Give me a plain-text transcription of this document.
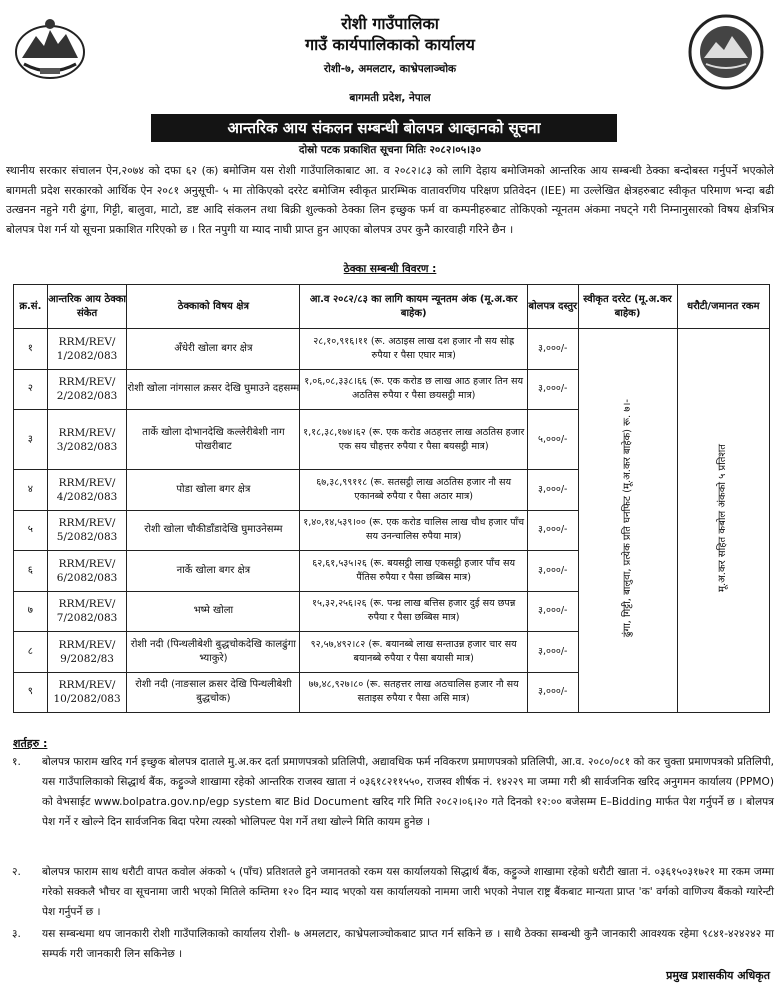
रोशी गाउँपालिका
गाउँ कार्यपालिकाको कार्यालय
रोशी-७, अमलटार, काभ्रेपलाञ्चोक
बागमती प्रदेश, नेपाल
आन्तरिक आय संकलन सम्बन्धी बोलपत्र आव्हानको सूचना
दोस्रो पटक प्रकाशित सूचना मितिः २०८२।०५।३०

स्थानीय सरकार संचालन ऐन,२०७४ को दफा ६२ (क) बमोजिम यस रोशी गाउँपालिकाबाट आ. व २०८२।८३ को लागि देहाय बमोजिमको आन्तरिक आय सम्बन्धी ठेक्का बन्दोबस्त गर्नुपर्ने भएकोले बागमती प्रदेश सरकारको आर्थिक ऐन २०८१ अनुसूची- ५ मा तोकिएको दररेट बमोजिम स्वीकृत प्रारम्भिक वातावरणिय परिक्षण प्रतिवेदन (IEE) मा उल्लेखित क्षेत्रहरुबाट स्वीकृत परिमाण भन्दा बढी उत्खनन नहुने गरी ढुंगा, गिट्टी, बालुवा, माटो, डष्ट आदि संकलन तथा बिक्री शुल्कको ठेक्का लिन इच्छुक फर्म वा कम्पनीहरुबाट तोकिएको न्यूनतम अंकमा नघट्ने गरी निम्नानुसारको विषय क्षेत्रभित्र बोलपत्र पेश गर्न यो सूचना प्रकाशित गरिएको छ । रित नपुगी या म्याद नाघी प्राप्त हुन आएका बोलपत्र उपर कुनै कारवाही गरिने छैन ।

ठेक्का सम्बन्धी विवरण :
क्र.सं.	आन्तरिक आय ठेक्का संकेत	ठेक्काको विषय क्षेत्र	आ.व २०८२/८३ का लागि कायम न्यूनतम अंक (मू.अ.कर बाहेक)	बोलपत्र दस्तुर	स्वीकृत दररेट (मू.अ.कर बाहेक)	धरौटी/जमानत रकम
१	RRM/REV/ 1/2082/083	अँधेरी खोला बगर क्षेत्र	२८,१०,९१६।११ (रू. अठाइस लाख दश हजार नौ सय सोह्र रुपैया र पैसा एघार मात्र)	३,०००/-	ढुंगा, गिट्टी, बालुवा, प्रत्येक प्रति घनफिट (मू.अ.कर बाहेक) रू. ७।-	मू.अ.कर सहित कबोल अंकको ५ प्रतिशत
२	RRM/REV/ 2/2082/083	रोशी खोला नांगसाल क्रसर देखि घुमाउने दहसम्म	१,०६,०८,३३८।६६ (रू. एक करोड छ लाख आठ हजार तिन सय अठतिस रुपैया र पैसा छयसट्ठी मात्र)	३,०००/-		
३	RRM/REV/ 3/2082/083	तार्के खोला दोभानदेखि कल्लेरीबेशी नाग पोखरीबाट	१,१८,३८,१७४।६२ (रू. एक करोड अठहत्तर लाख अठतिस हजार एक सय चौहत्तर रुपैया र पैसा बयसट्ठी मात्र)	५,०००/-		
४	RRM/REV/ 4/2082/083	पोडा खोला बगर क्षेत्र	६७,३८,९९११८ (रू. सतसट्ठी लाख अठतिस हजार नौ सय एकानब्बे रुपैया र पैसा अठार मात्र)	३,०००/-		
५	RRM/REV/ 5/2082/083	रोशी खोला चौकीडाँडादेखि घुमाउनेसम्म	१,४०,१४,५३९।०० (रू. एक करोड चालिस लाख चौध हजार पाँच सय उनन्चालिस रुपैया मात्र)	३,०००/-		
६	RRM/REV/ 6/2082/083	नार्के खोला बगर क्षेत्र	६२,६१,५३५।२६ (रू. बयसट्ठी लाख एकसट्ठी हजार पाँच सय पैंतिस रुपैया र पैसा छब्बिस मात्र)	३,०००/-		
७	RRM/REV/ 7/2082/083	भष्मे खोला	१५,३२,२५६।२६ (रू. पन्ध्र लाख बत्तिस हजार दुई सय छपन्न रुपैया र पैसा छब्बिस मात्र)	३,०००/-		
८	RRM/REV/ 9/2082/83	रोशी नदी (पिन्थलीबेशी बुद्धचोकदेखि कालढुंगा भ्याकुरे)	९२,५७,४९२।८२ (रू. बयानब्बे लाख सन्ताउन्न हजार चार सय बयानब्बे रुपैया र पैसा बयासी मात्र)	३,०००/-		
९	RRM/REV/ 10/2082/083	रोशी नदी (नाङसाल क्रसर देखि पिन्थलीबेशी बुद्धचोक)	७७,४८,९२७।८० (रू. सतहत्तर लाख अठचालिस हजार नौ सय सताइस रुपैया र पैसा असि मात्र)	३,०००/-		
शर्तहरु :
१. बोलपत्र फाराम खरिद गर्न इच्छुक बोलपत्र दाताले मु.अ.कर दर्ता प्रमाणपत्रको प्रतिलिपी, अद्यावधिक फर्म नविकरण प्रमाणपत्रको प्रतिलिपी, आ.व. २०८०/०८१ को कर चुक्ता प्रमाणपत्रको प्रतिलिपी, यस गाउँपालिकाको सिद्धार्थ बैंक, कट्टुञ्जे शाखामा रहेको आन्तरिक राजस्व खाता नं ०३६१८२११५५०, राजस्व शीर्षक नं. १४२२९ मा जम्मा गरी श्री सार्वजनिक खरिद अनुगमन कार्यालय (PPMO) को वेभसाईट www.bolpatra.gov.np/egp system बाट Bid Document खरिद गरि मिति २०८२।०६।२० गते दिनको १२:०० बजेसम्म E–Bidding मार्फत पेश गर्नुपर्ने छ । बोलपत्र पेश गर्ने र खोल्ने दिन सार्वजनिक बिदा परेमा त्यस्को भोलिपल्ट पेश गर्ने तथा खोल्ने मिति कायम हुनेछ ।

२. बोलपत्र फाराम साथ धरौटी वापत कवोल अंकको ५ (पाँच) प्रतिशतले हुने जमानतको रकम यस कार्यालयको सिद्धार्थ बैंक, कट्टुञ्जे शाखामा रहेको धरौटी खाता नं. ०३६१५०३१७२१ मा रकम जम्मा गरेको सक्कलै भौचर वा सूचनामा जारी भएको मितिले कम्तिमा १२० दिन म्याद भएको यस कार्यालयको नाममा जारी भएको नेपाल राष्ट्र बैंकबाट मान्यता प्राप्त 'क' वर्गको वाणिज्य बैंकको ग्यारेन्टी पेश गर्नुपर्ने छ ।

३. यस सम्बन्धमा थप जानकारी रोशी गाउँपालिकाको कार्यालय रोशी- ७ अमलटार, काभ्रेपलाञ्चोकबाट प्राप्त गर्न सकिने छ । साथै ठेक्का सम्बन्धी कुनै जानकारी आवश्यक रहेमा ९८४१-४२४२४२ मा सम्पर्क गरी जानकारी लिन सकिनेछ ।

प्रमुख प्रशासकीय अधिकृत
